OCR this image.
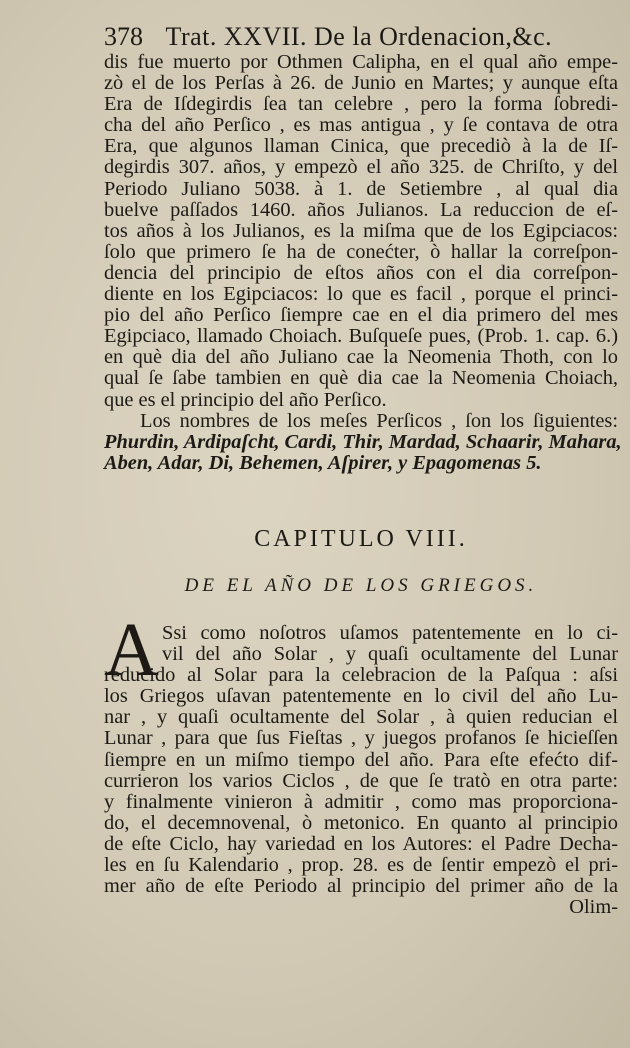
378 Trat. XXVII. De la Ordenacion,&c.
dis fue muerto por Othmen Calipha, en el qual año empe-
zò el de los Perſas à 26. de Junio en Martes; y aunque eſta
Era de Iſdegirdis ſea tan celebre , pero la forma ſobredi-
cha del año Perſico , es mas antigua , y ſe contava de otra
Era, que algunos llaman Cinica, que precediò à la de Iſ-
degirdis 307. años, y empezò el año 325. de Chriſto, y del
Periodo Juliano 5038. à 1. de Setiembre , al qual dia
buelve paſſados 1460. años Julianos. La reduccion de eſ-
tos años à los Julianos, es la miſma que de los Egipciacos:
ſolo que primero ſe ha de conećter, ò hallar la correſpon-
dencia del principio de eſtos años con el dia correſpon-
diente en los Egipciacos: lo que es facil , porque el princi-
pio del año Perſico ſiempre cae en el dia primero del mes
Egipciaco, llamado Choiach. Buſqueſe pues, (Prob. 1. cap. 6.)
en què dia del año Juliano cae la Neomenia Thoth, con lo
qual ſe ſabe tambien en què dia cae la Neomenia Choiach,
que es el principio del año Perſico.
Los nombres de los meſes Perſicos , ſon los ſiguientes:
Phurdin, Ardipaſcht, Cardi, Thir, Mardad, Schaarir, Mahara,
Aben, Adar, Di, Behemen, Aſpirer, y Epagomenas 5.
CAPITULO VIII.
DE EL AÑO DE LOS GRIEGOS.
A Ssi como noſotros uſamos patentemente en lo ci-
vil del año Solar , y quaſi ocultamente del Lunar
reducido al Solar para la celebracion de la Paſqua : aſsi
los Griegos uſavan patentemente en lo civil del año Lu-
nar , y quaſi ocultamente del Solar , à quien reducian el
Lunar , para que ſus Fieſtas , y juegos profanos ſe hicieſſen
ſiempre en un miſmo tiempo del año. Para eſte efećto dif-
currieron los varios Ciclos , de que ſe tratò en otra parte:
y finalmente vinieron à admitir , como mas proporciona-
do, el decemnovenal, ò metonico. En quanto al principio
de eſte Ciclo, hay variedad en los Autores: el Padre Decha-
les en ſu Kalendario , prop. 28. es de ſentir empezò el pri-
mer año de eſte Periodo al principio del primer año de la
Olim-
